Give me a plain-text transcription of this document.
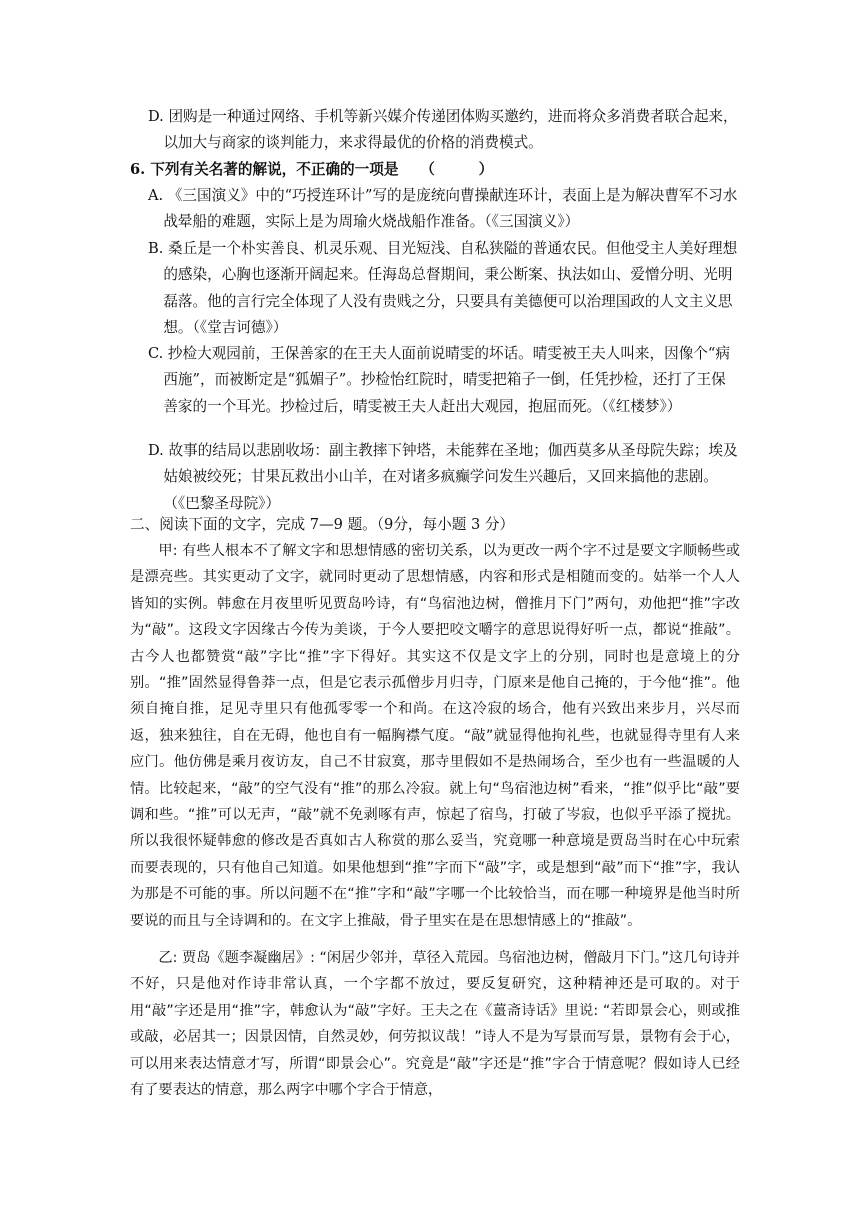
D. 团购是一种通过网络、手机等新兴媒介传递团体购买邀约，进而将众多消费者联合起来，以加大与商家的谈判能力，来求得最优的价格的消费模式。
6. 下列有关名著的解说，不正确的一项是　　（　　　）
A. 《三国演义》中的“巧授连环计”写的是庞统向曹操献连环计，表面上是为解决曹军不习水战晕船的难题，实际上是为周瑜火烧战船作准备。（《三国演义》）
B. 桑丘是一个朴实善良、机灵乐观、目光短浅、自私狭隘的普通农民。但他受主人美好理想的感染，心胸也逐渐开阔起来。任海岛总督期间，秉公断案、执法如山、爱憎分明、光明磊落。他的言行完全体现了人没有贵贱之分，只要具有美德便可以治理国政的人文主义思想。（《堂吉诃德》）
C. 抄检大观园前，王保善家的在王夫人面前说晴雯的坏话。晴雯被王夫人叫来，因像个“病西施”，而被断定是“狐媚子”。抄检怡红院时，晴雯把箱子一倒，任凭抄检，还打了王保善家的一个耳光。抄检过后，晴雯被王夫人赶出大观园，抱屈而死。（《红楼梦》）
D. 故事的结局以悲剧收场：副主教摔下钟塔，未能葬在圣地；伽西莫多从圣母院失踪；埃及姑娘被绞死；甘果瓦救出小山羊，在对诸多疯癫学问发生兴趣后，又回来搞他的悲剧。（《巴黎圣母院》）
二、阅读下面的文字，完成 7—9 题。（9分，每小题 3 分）
甲: 有些人根本不了解文字和思想情感的密切关系，以为更改一两个字不过是要文字顺畅些或是漂亮些。其实更动了文字，就同时更动了思想情感，内容和形式是相随而变的。姑举一个人人皆知的实例。韩愈在月夜里听见贾岛吟诗，有“鸟宿池边树，僧推月下门”两句，劝他把“推”字改为“敲”。这段文字因缘古今传为美谈，于今人要把咬文嚼字的意思说得好听一点，都说“推敲”。古今人也都赞赏“敲”字比“推”字下得好。其实这不仅是文字上的分别，同时也是意境上的分别。“推”固然显得鲁莽一点，但是它表示孤僧步月归寺，门原来是他自己掩的，于今他“推”。他须自掩自推，足见寺里只有他孤零零一个和尚。在这冷寂的场合，他有兴致出来步月，兴尽而返，独来独往，自在无碍，他也自有一幅胸襟气度。“敲”就显得他拘礼些，也就显得寺里有人来应门。他仿佛是乘月夜访友，自己不甘寂寞，那寺里假如不是热闹场合，至少也有一些温暖的人情。比较起来，“敲”的空气没有“推”的那么冷寂。就上句“鸟宿池边树”看来，“推”似乎比“敲”要调和些。“推”可以无声，“敲”就不免剥啄有声，惊起了宿鸟，打破了岑寂，也似乎平添了搅扰。所以我很怀疑韩愈的修改是否真如古人称赏的那么妥当，究竟哪一种意境是贾岛当时在心中玩索而要表现的，只有他自己知道。如果他想到“推”字而下“敲”字，或是想到“敲”而下“推”字，我认为那是不可能的事。所以问题不在“推”字和“敲”字哪一个比较恰当，而在哪一种境界是他当时所要说的而且与全诗调和的。在文字上推敲，骨子里实在是在思想情感上的“推敲”。
乙: 贾岛《题李凝幽居》: “闲居少邻并，草径入荒园。鸟宿池边树，僧敲月下门。”这几句诗并不好，只是他对作诗非常认真，一个字都不放过，要反复研究，这种精神还是可取的。对于用“敲”字还是用“推”字，韩愈认为“敲”字好。王夫之在《薑斋诗话》里说: “若即景会心，则或推或敲，必居其一；因景因情，自然灵妙，何劳拟议哉！”诗人不是为写景而写景，景物有会于心，可以用来表达情意才写，所谓“即景会心”。究竟是“敲”字还是“推”字合于情意呢？假如诗人已经有了要表达的情意，那么两字中哪个字合于情意，
